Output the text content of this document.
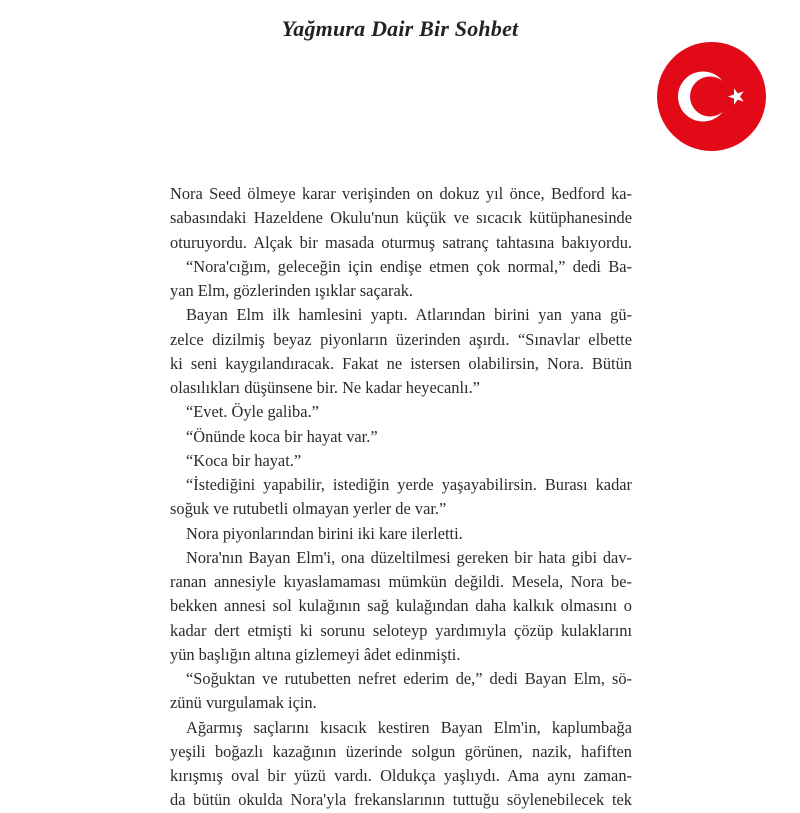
Yağmura Dair Bir Sohbet
Nora Seed ölmeye karar verişinden on dokuz yıl önce, Bedford ka-
sabasındaki Hazeldene Okulu'nun küçük ve sıcacık kütüphanesinde
oturuyordu. Alçak bir masada oturmuş satranç tahtasına bakıyordu.
“Nora'cığım, geleceğin için endişe etmen çok normal,” dedi Ba-
yan Elm, gözlerinden ışıklar saçarak.
Bayan Elm ilk hamlesini yaptı. Atlarından birini yan yana gü-
zelce dizilmiş beyaz piyonların üzerinden aşırdı. “Sınavlar elbette
ki seni kaygılandıracak. Fakat ne istersen olabilirsin, Nora. Bütün
olasılıkları düşünsene bir. Ne kadar heyecanlı.”
“Evet. Öyle galiba.”
“Önünde koca bir hayat var.”
“Koca bir hayat.”
“İstediğini yapabilir, istediğin yerde yaşayabilirsin. Burası kadar
soğuk ve rutubetli olmayan yerler de var.”
Nora piyonlarından birini iki kare ilerletti.
Nora'nın Bayan Elm'i, ona düzeltilmesi gereken bir hata gibi dav-
ranan annesiyle kıyaslamaması mümkün değildi. Mesela, Nora be-
bekken annesi sol kulağının sağ kulağından daha kalkık olmasını o
kadar dert etmişti ki sorunu seloteyp yardımıyla çözüp kulaklarını
yün başlığın altına gizlemeyi âdet edinmişti.
“Soğuktan ve rutubetten nefret ederim de,” dedi Bayan Elm, sö-
zünü vurgulamak için.
Ağarmış saçlarını kısacık kestiren Bayan Elm'in, kaplumbağa
yeşili boğazlı kazağının üzerinde solgun görünen, nazik, hafiften
kırışmış oval bir yüzü vardı. Oldukça yaşlıydı. Ama aynı zaman-
da bütün okulda Nora'yla frekanslarının tuttuğu söylenebilecek tek
